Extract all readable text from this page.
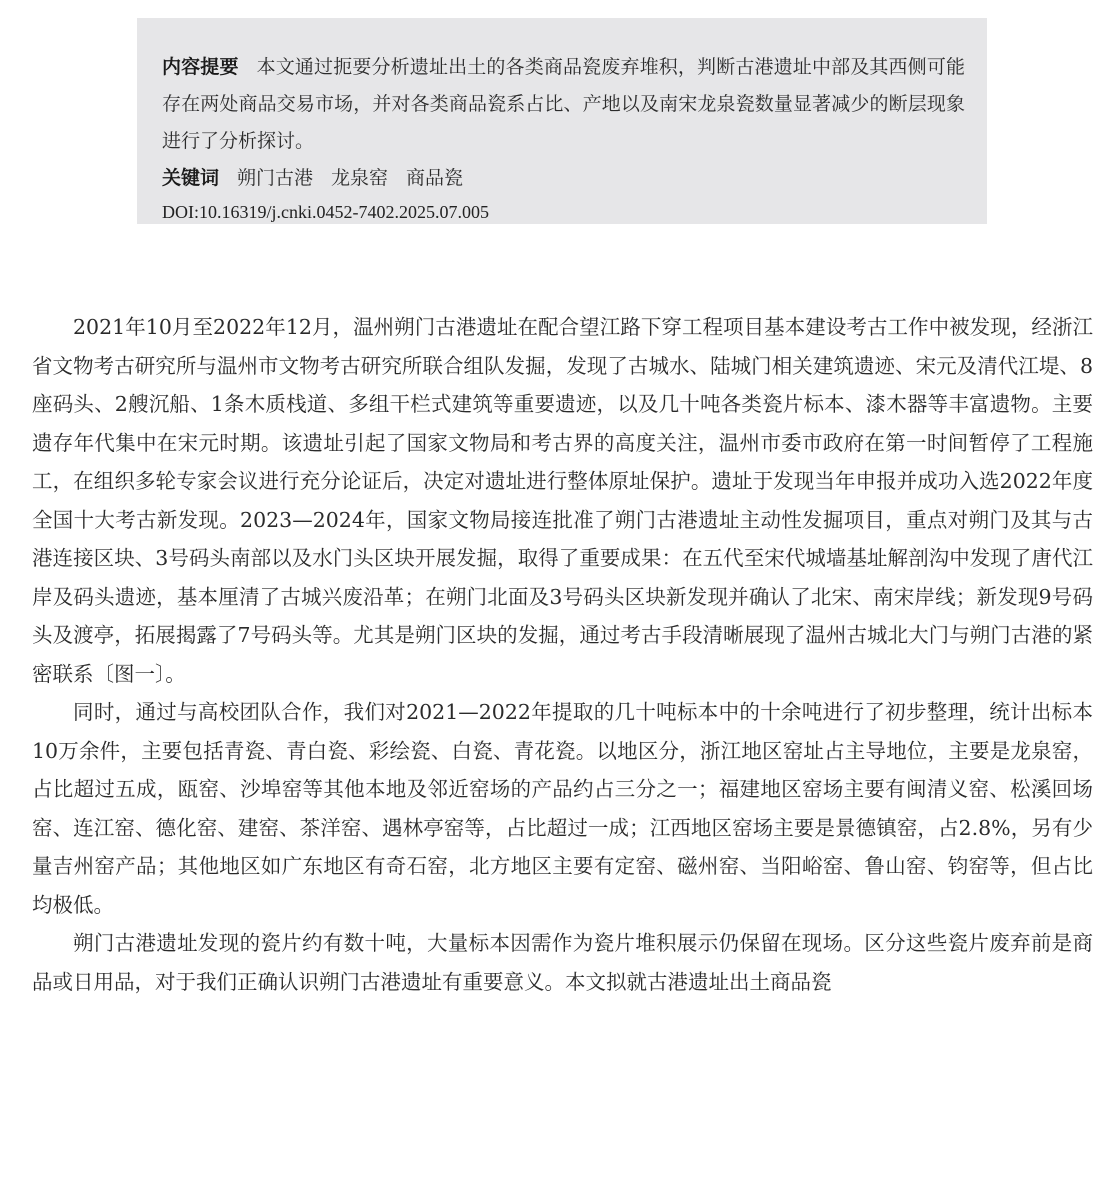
内容提要 本文通过扼要分析遗址出土的各类商品瓷废弃堆积，判断古港遗址中部及其西侧可能存在两处商品交易市场，并对各类商品瓷系占比、产地以及南宋龙泉瓷数量显著减少的断层现象进行了分析探讨。

关键词 朔门古港 龙泉窑 商品瓷

DOI:10.16319/j.cnki.0452-7402.2025.07.005

2021年10月至2022年12月，温州朔门古港遗址在配合望江路下穿工程项目基本建设考古工作中被发现，经浙江省文物考古研究所与温州市文物考古研究所联合组队发掘，发现了古城水、陆城门相关建筑遗迹、宋元及清代江堤、8座码头、2艘沉船、1条木质栈道、多组干栏式建筑等重要遗迹，以及几十吨各类瓷片标本、漆木器等丰富遗物。主要遗存年代集中在宋元时期。该遗址引起了国家文物局和考古界的高度关注，温州市委市政府在第一时间暂停了工程施工，在组织多轮专家会议进行充分论证后，决定对遗址进行整体原址保护。遗址于发现当年申报并成功入选2022年度全国十大考古新发现。2023—2024年，国家文物局接连批准了朔门古港遗址主动性发掘项目，重点对朔门及其与古港连接区块、3号码头南部以及水门头区块开展发掘，取得了重要成果：在五代至宋代城墙基址解剖沟中发现了唐代江岸及码头遗迹，基本厘清了古城兴废沿革；在朔门北面及3号码头区块新发现并确认了北宋、南宋岸线；新发现9号码头及渡亭，拓展揭露了7号码头等。尤其是朔门区块的发掘，通过考古手段清晰展现了温州古城北大门与朔门古港的紧密联系〔图一〕。

同时，通过与高校团队合作，我们对2021—2022年提取的几十吨标本中的十余吨进行了初步整理，统计出标本10万余件，主要包括青瓷、青白瓷、彩绘瓷、白瓷、青花瓷。以地区分，浙江地区窑址占主导地位，主要是龙泉窑，占比超过五成，瓯窑、沙埠窑等其他本地及邻近窑场的产品约占三分之一；福建地区窑场主要有闽清义窑、松溪回场窑、连江窑、德化窑、建窑、茶洋窑、遇林亭窑等，占比超过一成；江西地区窑场主要是景德镇窑，占2.8%，另有少量吉州窑产品；其他地区如广东地区有奇石窑，北方地区主要有定窑、磁州窑、当阳峪窑、鲁山窑、钧窑等，但占比均极低。

朔门古港遗址发现的瓷片约有数十吨，大量标本因需作为瓷片堆积展示仍保留在现场。区分这些瓷片废弃前是商品或日用品，对于我们正确认识朔门古港遗址有重要意义。本文拟就古港遗址出土商品瓷
